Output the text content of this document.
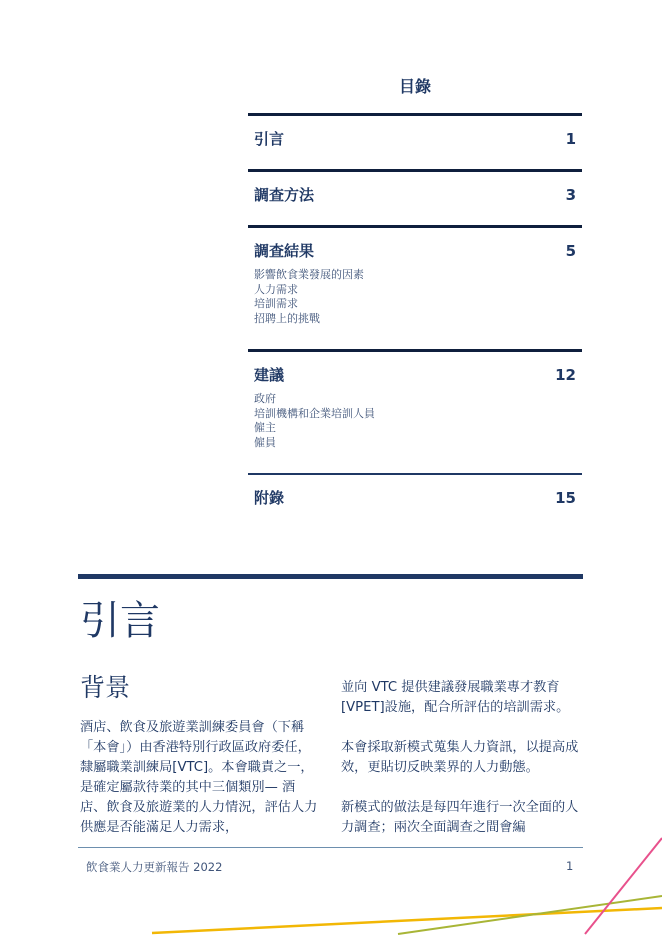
目錄
引言	1
調查方法	3
調查結果	5
影響飲食業發展的因素
人力需求
培訓需求
招聘上的挑戰
建議	12
政府
培訓機構和企業培訓人員
僱主
僱員
附錄	15
引言
背景

酒店、飲食及旅遊業訓練委員會（下稱「本會」）由香港特別行政區政府委任，隸屬職業訓練局[VTC]。本會職責之一，是確定屬款待業的其中三個類別— 酒店、飲食及旅遊業的人力情況，評估人力供應是否能滿足人力需求，

並向 VTC 提供建議發展職業專才教育[VPET]設施，配合所評估的培訓需求。

本會採取新模式蒐集人力資訊，以提高成效，更貼切反映業界的人力動態。

新模式的做法是每四年進行一次全面的人力調查；兩次全面調查之間會編

飲食業人力更新報告 2022	1
